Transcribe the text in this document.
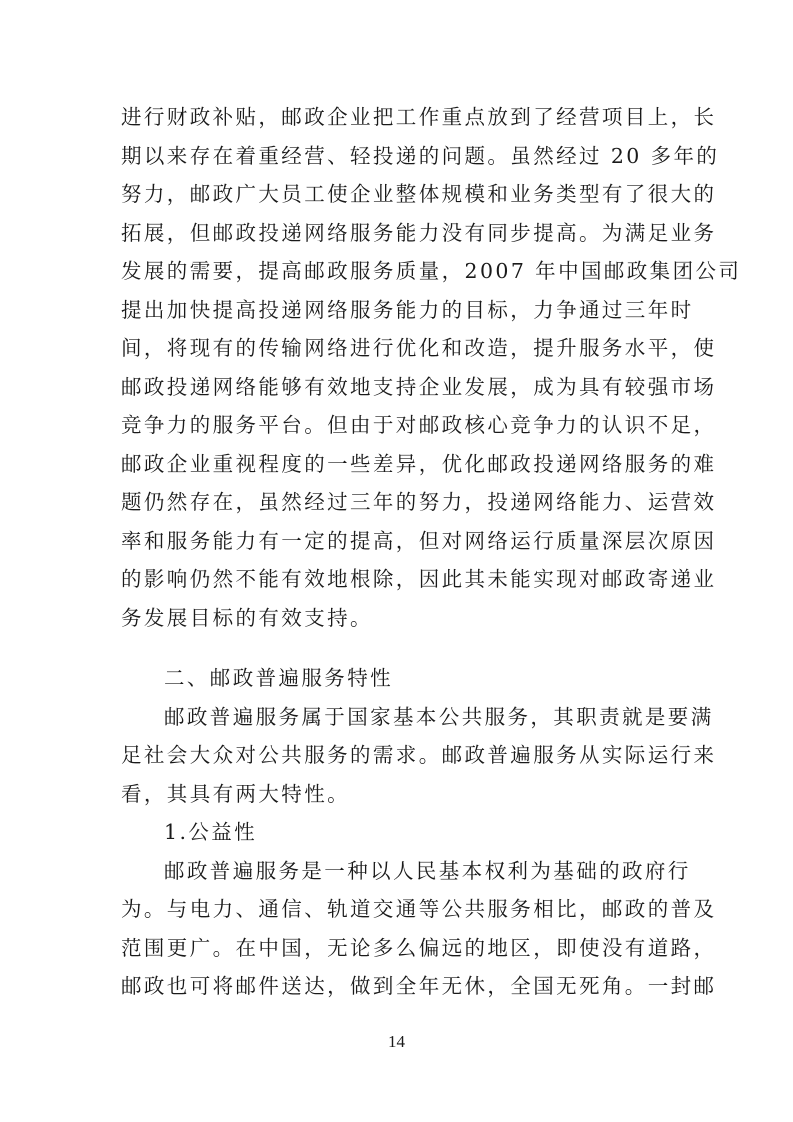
进行财政补贴，邮政企业把工作重点放到了经营项目上，长
期以来存在着重经营、轻投递的问题。虽然经过 20 多年的
努力，邮政广大员工使企业整体规模和业务类型有了很大的
拓展，但邮政投递网络服务能力没有同步提高。为满足业务
发展的需要，提高邮政服务质量，2007 年中国邮政集团公司
提出加快提高投递网络服务能力的目标，力争通过三年时
间，将现有的传输网络进行优化和改造，提升服务水平，使
邮政投递网络能够有效地支持企业发展，成为具有较强市场
竞争力的服务平台。但由于对邮政核心竞争力的认识不足，
邮政企业重视程度的一些差异，优化邮政投递网络服务的难
题仍然存在，虽然经过三年的努力，投递网络能力、运营效
率和服务能力有一定的提高，但对网络运行质量深层次原因
的影响仍然不能有效地根除，因此其未能实现对邮政寄递业
务发展目标的有效支持。
二、邮政普遍服务特性
邮政普遍服务属于国家基本公共服务，其职责就是要满
足社会大众对公共服务的需求。邮政普遍服务从实际运行来
看，其具有两大特性。
1.公益性
邮政普遍服务是一种以人民基本权利为基础的政府行
为。与电力、通信、轨道交通等公共服务相比，邮政的普及
范围更广。在中国，无论多么偏远的地区，即使没有道路，
邮政也可将邮件送达，做到全年无休，全国无死角。一封邮
14
